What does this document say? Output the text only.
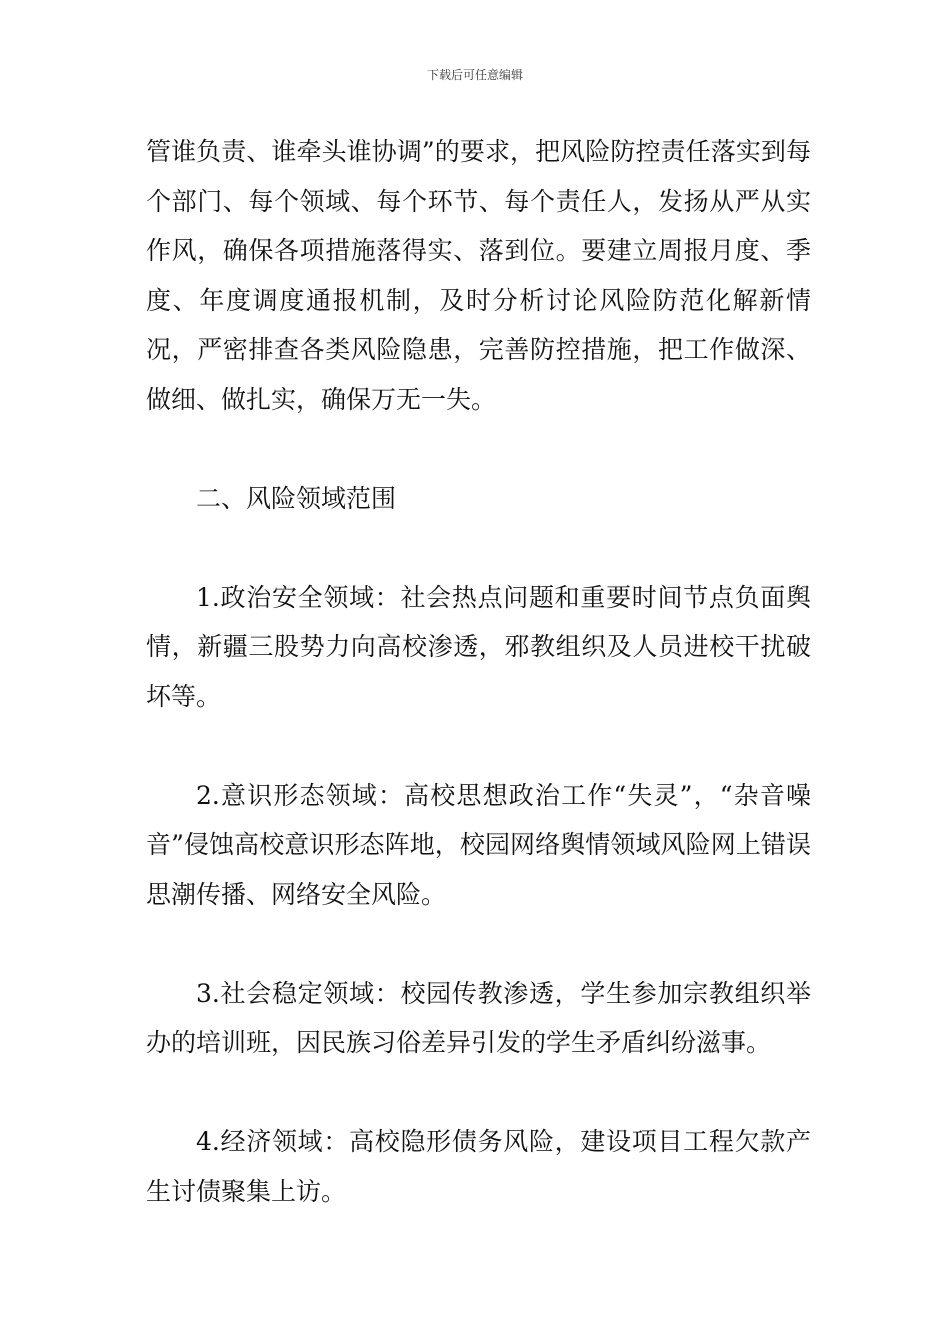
下载后可任意编辑

管谁负责、谁牵头谁协调”的要求，把风险防控责任落实到每个部门、每个领域、每个环节、每个责任人，发扬从严从实作风，确保各项措施落得实、落到位。要建立周报月度、季度、年度调度通报机制，及时分析讨论风险防范化解新情况，严密排查各类风险隐患，完善防控措施，把工作做深、做细、做扎实，确保万无一失。

二、风险领域范围

1.政治安全领域：社会热点问题和重要时间节点负面舆情，新疆三股势力向高校渗透，邪教组织及人员进校干扰破坏等。

2.意识形态领域：高校思想政治工作“失灵”，“杂音噪音”侵蚀高校意识形态阵地，校园网络舆情领域风险网上错误思潮传播、网络安全风险。

3.社会稳定领域：校园传教渗透，学生参加宗教组织举办的培训班，因民族习俗差异引发的学生矛盾纠纷滋事。

4.经济领域：高校隐形债务风险，建设项目工程欠款产生讨债聚集上访。
